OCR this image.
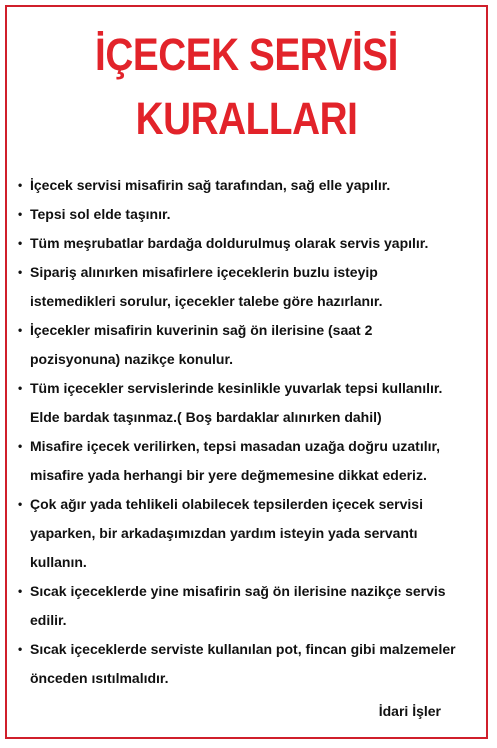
İÇECEK SERVİSİ
KURALLARI
• İçecek servisi misafirin sağ tarafından, sağ elle yapılır.
• Tepsi sol elde taşınır.
• Tüm meşrubatlar bardağa doldurulmuş olarak servis yapılır.
• Sipariş alınırken misafirlere içeceklerin buzlu isteyip
istemedikleri sorulur, içecekler talebe göre hazırlanır.
• İçecekler misafirin kuverinin sağ ön ilerisine (saat 2
pozisyonuna) nazikçe konulur.
• Tüm içecekler servislerinde kesinlikle yuvarlak tepsi kullanılır.
Elde bardak taşınmaz.( Boş bardaklar alınırken dahil)
• Misafire içecek verilirken, tepsi masadan uzağa doğru uzatılır,
misafire yada herhangi bir yere değmemesine dikkat ederiz.
• Çok ağır yada tehlikeli olabilecek tepsilerden içecek servisi
yaparken, bir arkadaşımızdan yardım isteyin yada servantı
kullanın.
• Sıcak içeceklerde yine misafirin sağ ön ilerisine nazikçe servis
edilir.
• Sıcak içeceklerde serviste kullanılan pot, fincan gibi malzemeler
önceden ısıtılmalıdır.
İdari İşler
